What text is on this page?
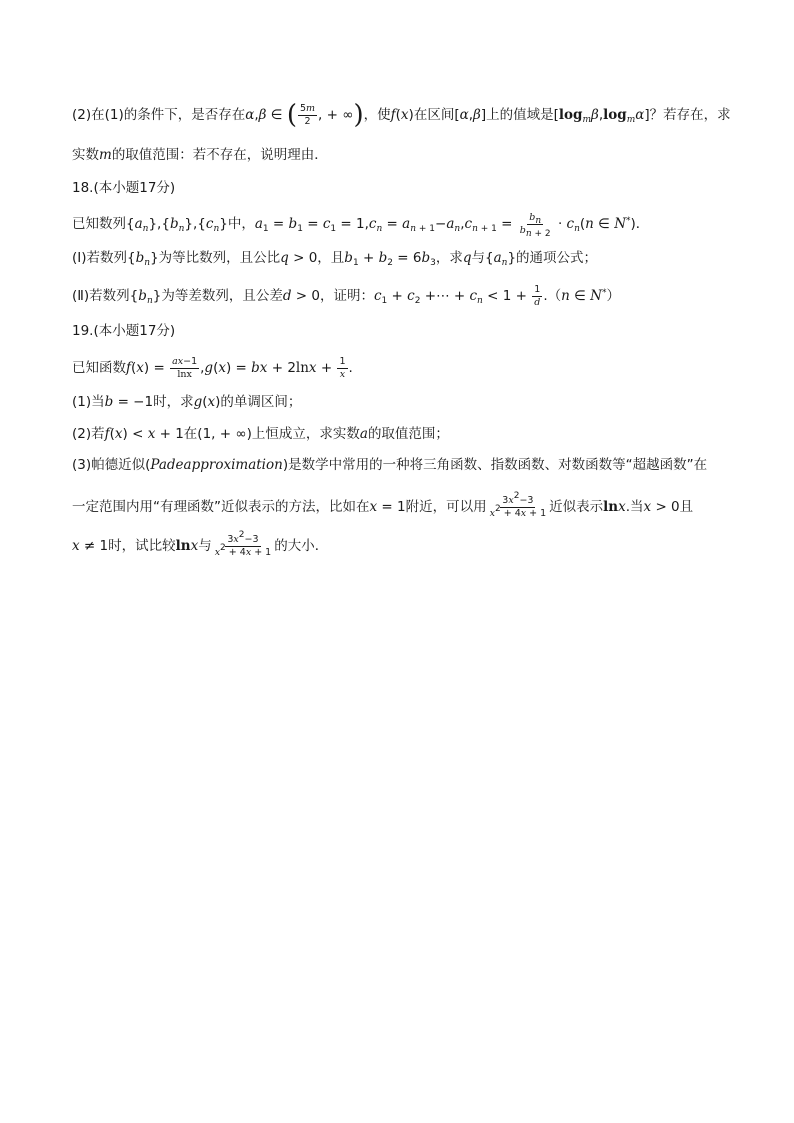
(2)在(1)的条件下，是否存在α,β ∈ ( $\frac{5m}{2}$ , + ∞)，使f(x)在区间[α,β]上的值域是$[\log_m\beta,\log_m\alpha]$？若存在，求
实数m的取值范围：若不存在，说明理由．
18.(本小题17分)
已知数列$\{a_n\},\{b_n\},\{c_n\}$中，$a_1 = b_1 = c_1 = 1,c_n = a_{n + 1}-a_n,c_{n + 1} = \frac{b_n}{b_{n + 2}} \cdot c_n(n$ ∈ N*)．
(Ⅰ)若数列$\{b_n\}$为等比数列，且公比q > 0，且$b_1 + b_2 = 6b_3$，求q与$\{a_n\}$的通项公式；
(Ⅱ)若数列$\{b_n\}$为等差数列，且公差d > 0，证明：$c_1 + c_2$ +⋯ + $c_n < 1 + \frac{1}{d} .(n$ ∈ N*）
19.(本小题17分)
已知函数$f(x) = \frac{ax-1}{\ln x} ,g(x)$ = bx + $2\ln x + \frac{1}{x}$ .
(1)当b = −1时，求g(x)的单调区间；
(2)若f(x) < x + 1在(1, + ∞)上恒成立，求实数a的取值范围；
(3)帕德近似(Padeapproximation)是数学中常用的一种将三角函数、指数函数、对数函数等“超越函数”在
一定范围内用“有理函数”近似表示的方法，比如在x = 1附近，可以用 $\frac{3x^2-3}{x^2 + 4x + 1}$ 近似表示lnx.当x > 0且
x ≠ 1时，试比较lnx与 $\frac{3x^2-3}{x^2 + 4x + 1}$ 的大小．
